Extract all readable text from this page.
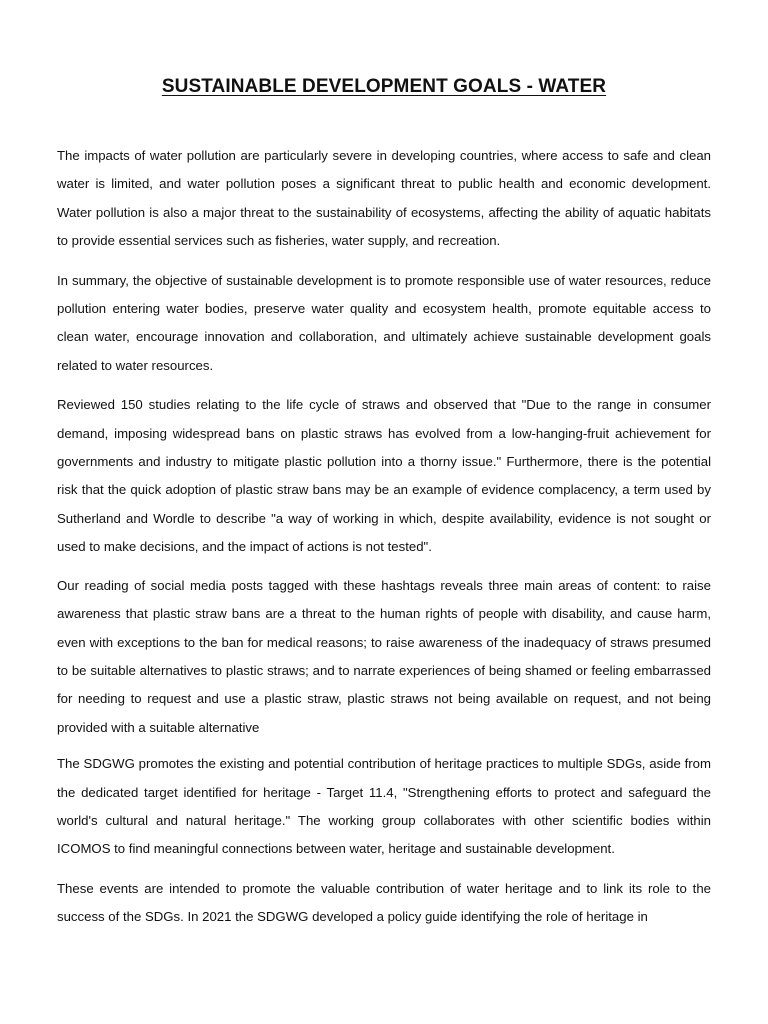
SUSTAINABLE DEVELOPMENT GOALS - WATER

The impacts of water pollution are particularly severe in developing countries, where access to safe and clean water is limited, and water pollution poses a significant threat to public health and economic development. Water pollution is also a major threat to the sustainability of ecosystems, affecting the ability of aquatic habitats to provide essential services such as fisheries, water supply, and recreation.

In summary, the objective of sustainable development is to promote responsible use of water resources, reduce pollution entering water bodies, preserve water quality and ecosystem health, promote equitable access to clean water, encourage innovation and collaboration, and ultimately achieve sustainable development goals related to water resources.

Reviewed 150 studies relating to the life cycle of straws and observed that "Due to the range in consumer demand, imposing widespread bans on plastic straws has evolved from a low-hanging-fruit achievement for governments and industry to mitigate plastic pollution into a thorny issue." Furthermore, there is the potential risk that the quick adoption of plastic straw bans may be an example of evidence complacency, a term used by Sutherland and Wordle to describe "a way of working in which, despite availability, evidence is not sought or used to make decisions, and the impact of actions is not tested".

Our reading of social media posts tagged with these hashtags reveals three main areas of content: to raise awareness that plastic straw bans are a threat to the human rights of people with disability, and cause harm, even with exceptions to the ban for medical reasons; to raise awareness of the inadequacy of straws presumed to be suitable alternatives to plastic straws; and to narrate experiences of being shamed or feeling embarrassed for needing to request and use a plastic straw, plastic straws not being available on request, and not being provided with a suitable alternative

The SDGWG promotes the existing and potential contribution of heritage practices to multiple SDGs, aside from the dedicated target identified for heritage - Target 11.4, "Strengthening efforts to protect and safeguard the world's cultural and natural heritage." The working group collaborates with other scientific bodies within ICOMOS to find meaningful connections between water, heritage and sustainable development.

These events are intended to promote the valuable contribution of water heritage and to link its role to the success of the SDGs. In 2021 the SDGWG developed a policy guide identifying the role of heritage in
